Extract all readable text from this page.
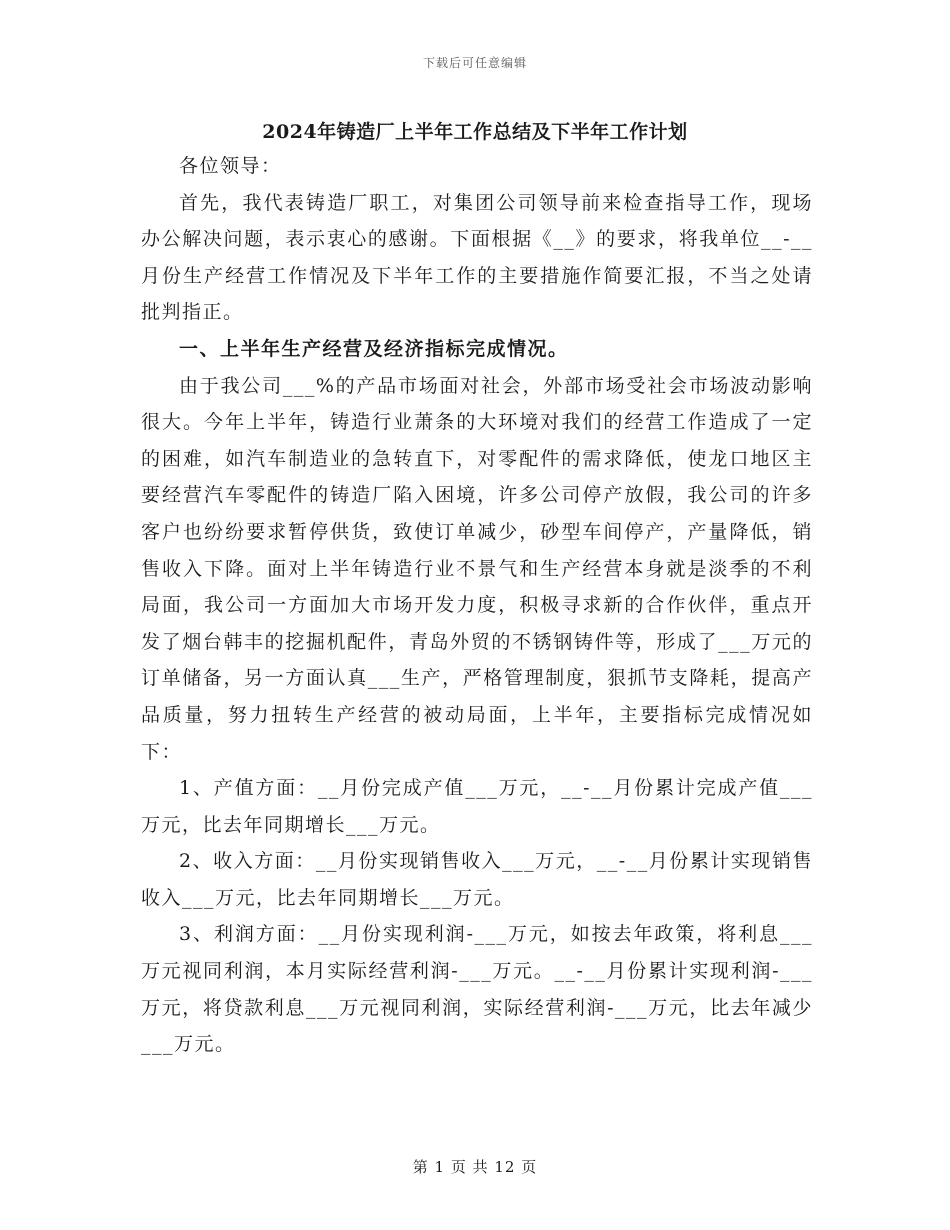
下载后可任意编辑
2024年铸造厂上半年工作总结及下半年工作计划

各位领导：

首先，我代表铸造厂职工，对集团公司领导前来检查指导工作，现场办公解决问题，表示衷心的感谢。下面根据《__》的要求，将我单位__-__月份生产经营工作情况及下半年工作的主要措施作简要汇报，不当之处请批判指正。

一、上半年生产经营及经济指标完成情况。

由于我公司___%的产品市场面对社会，外部市场受社会市场波动影响很大。今年上半年，铸造行业萧条的大环境对我们的经营工作造成了一定的困难，如汽车制造业的急转直下，对零配件的需求降低，使龙口地区主要经营汽车零配件的铸造厂陷入困境，许多公司停产放假，我公司的许多客户也纷纷要求暂停供货，致使订单减少，砂型车间停产，产量降低，销售收入下降。面对上半年铸造行业不景气和生产经营本身就是淡季的不利局面，我公司一方面加大市场开发力度，积极寻求新的合作伙伴，重点开发了烟台韩丰的挖掘机配件，青岛外贸的不锈钢铸件等，形成了___万元的订单储备，另一方面认真___生产，严格管理制度，狠抓节支降耗，提高产品质量，努力扭转生产经营的被动局面，上半年，主要指标完成情况如下：

1、产值方面：__月份完成产值___万元，__-__月份累计完成产值___万元，比去年同期增长___万元。

2、收入方面：__月份实现销售收入___万元，__-__月份累计实现销售收入___万元，比去年同期增长___万元。

3、利润方面：__月份实现利润-___万元，如按去年政策，将利息___万元视同利润，本月实际经营利润-___万元。__-__月份累计实现利润-___万元，将贷款利息___万元视同利润，实际经营利润-___万元，比去年减少___万元。

第 1 页 共 12 页
